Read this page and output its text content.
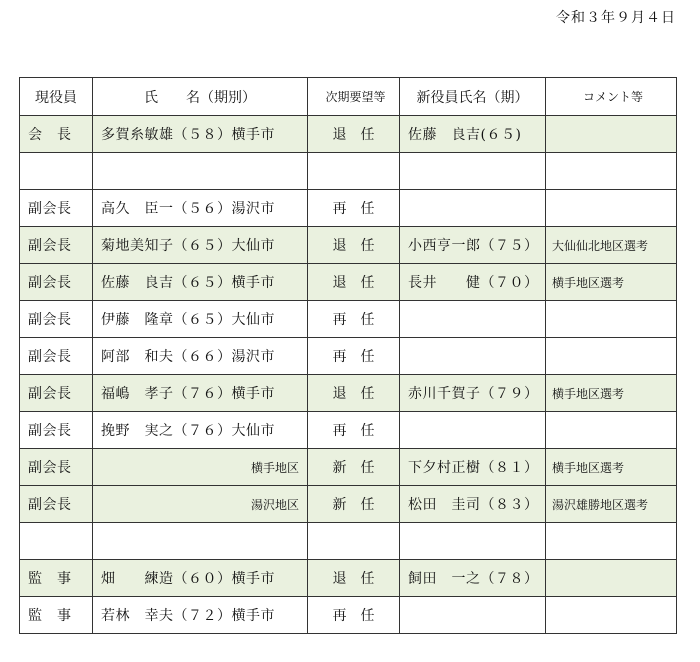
令和３年９月４日
現役員	氏　　名（期別）	次期要望等	新役員氏名（期）	コメント等
会　長	多賀糸敏雄（５８）横手市	退　任	佐藤　良吉(６５)	

副会長	高久　臣一（５６）湯沢市	再　任		
副会長	菊地美知子（６５）大仙市	退　任	小西亨一郎（７５）	大仙仙北地区選考
副会長	佐藤　良吉（６５）横手市	退　任	長井　　健（７０）	横手地区選考
副会長	伊藤　隆章（６５）大仙市	再　任		
副会長	阿部　和夫（６６）湯沢市	再　任		
副会長	福嶋　孝子（７６）横手市	退　任	赤川千賀子（７９）	横手地区選考
副会長	挽野　実之（７６）大仙市	再　任		
副会長	横手地区	新　任	下夕村正樹（８１）	横手地区選考
副会長	湯沢地区	新　任	松田　圭司（８３）	湯沢雄勝地区選考

監　事	畑　　練造（６０）横手市	退　任	飼田　一之（７８）	
監　事	若林　幸夫（７２）横手市	再　任		
